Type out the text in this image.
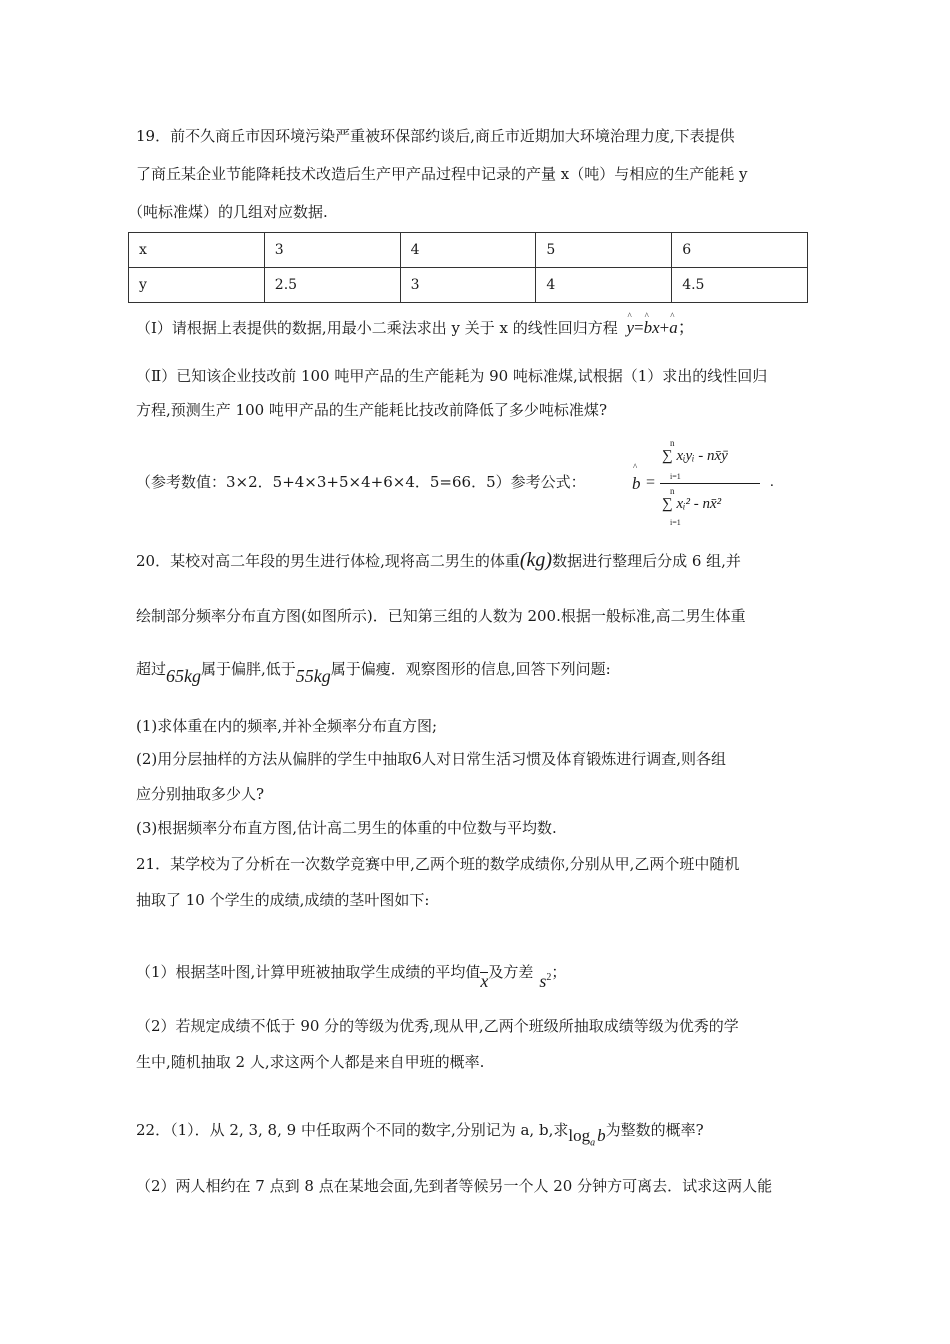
19．前不久商丘市因环境污染严重被环保部约谈后,商丘市近期加大环境治理力度,下表提供
了商丘某企业节能降耗技术改造后生产甲产品过程中记录的产量 x（吨）与相应的生产能耗 y
（吨标准煤）的几组对应数据.
x	3	4	5	6
y	2.5	3	4	4.5
（Ⅰ）请根据上表提供的数据,用最小二乘法求出 y 关于 x 的线性回归方程 ^ y=^ bx+^ a；
（Ⅱ）已知该企业技改前 100 吨甲产品的生产能耗为 90 吨标准煤,试根据（1）求出的线性回归
方程,预测生产 100 吨甲产品的生产能耗比技改前降低了多少吨标准煤?
（参考数值：3×2．5+4×3+5×4+6×4．5=66．5）参考公式：	^ b =
n
∑ xᵢyᵢ - nx̄ȳ
i=1
n
∑ xᵢ² - nx̄²
i=1
.
20．某校对高二年段的男生进行体检,现将高二男生的体重(kg)数据进行整理后分成 6 组,并
绘制部分频率分布直方图(如图所示)．已知第三组的人数为 200.根据一般标准,高二男生体重
超过65kg属于偏胖,低于55kg属于偏瘦．观察图形的信息,回答下列问题:
(1)求体重在内的频率,并补全频率分布直方图;
(2)用分层抽样的方法从偏胖的学生中抽取6人对日常生活习惯及体育锻炼进行调查,则各组
应分别抽取多少人?
(3)根据频率分布直方图,估计高二男生的体重的中位数与平均数.
21．某学校为了分析在一次数学竞赛中甲,乙两个班的数学成绩你,分别从甲,乙两个班中随机
抽取了 10 个学生的成绩,成绩的茎叶图如下:
（1）根据茎叶图,计算甲班被抽取学生成绩的平均值x及方差 $s^2$；
（2）若规定成绩不低于 90 分的等级为优秀,现从甲,乙两个班级所抽取成绩等级为优秀的学
生中,随机抽取 2 人,求这两个人都是来自甲班的概率.
22．（1）．从 2, 3, 8, 9 中任取两个不同的数字,分别记为 a, b,求$\log_a b$为整数的概率?
（2）两人相约在 7 点到 8 点在某地会面,先到者等候另一个人 20 分钟方可离去．试求这两人能
